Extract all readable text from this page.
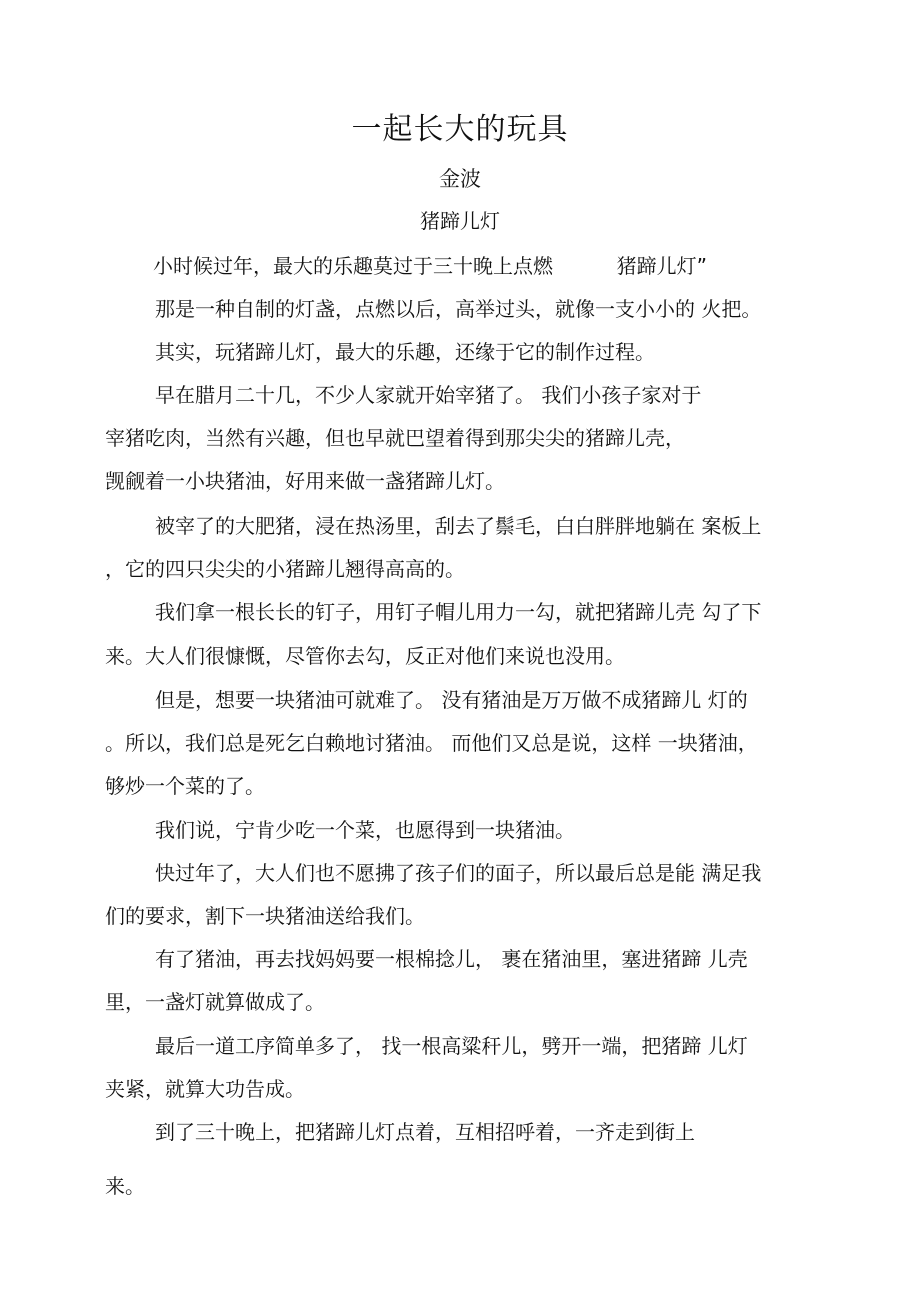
一起长大的玩具
金波
猪蹄儿灯
小时候过年，最大的乐趣莫过于三十晚上点燃          猪蹄儿灯”
那是一种自制的灯盏，点燃以后，高举过头，就像一支小小的 火把。
其实，玩猪蹄儿灯，最大的乐趣，还缘于它的制作过程。
早在腊月二十几，不少人家就开始宰猪了。 我们小孩子家对于
宰猪吃肉，当然有兴趣，但也早就巴望着得到那尖尖的猪蹄儿壳，
觊觎着一小块猪油，好用来做一盏猪蹄儿灯。
被宰了的大肥猪，浸在热汤里，刮去了鬃毛，白白胖胖地躺在 案板上
，它的四只尖尖的小猪蹄儿翘得高高的。
我们拿一根长长的钉子，用钉子帽儿用力一勾，就把猪蹄儿壳 勾了下
来。大人们很慷慨，尽管你去勾，反正对他们来说也没用。
但是，想要一块猪油可就难了。 没有猪油是万万做不成猪蹄儿 灯的
。所以，我们总是死乞白赖地讨猪油。 而他们又总是说，这样 一块猪油，
够炒一个菜的了。
我们说，宁肯少吃一个菜，也愿得到一块猪油。
快过年了，大人们也不愿拂了孩子们的面子，所以最后总是能 满足我
们的要求，割下一块猪油送给我们。
有了猪油，再去找妈妈要一根棉捻儿， 裹在猪油里，塞进猪蹄 儿壳
里，一盏灯就算做成了。
最后一道工序简单多了， 找一根高粱秆儿，劈开一端，把猪蹄 儿灯
夹紧，就算大功告成。
到了三十晚上，把猪蹄儿灯点着，互相招呼着，一齐走到街上
来。
